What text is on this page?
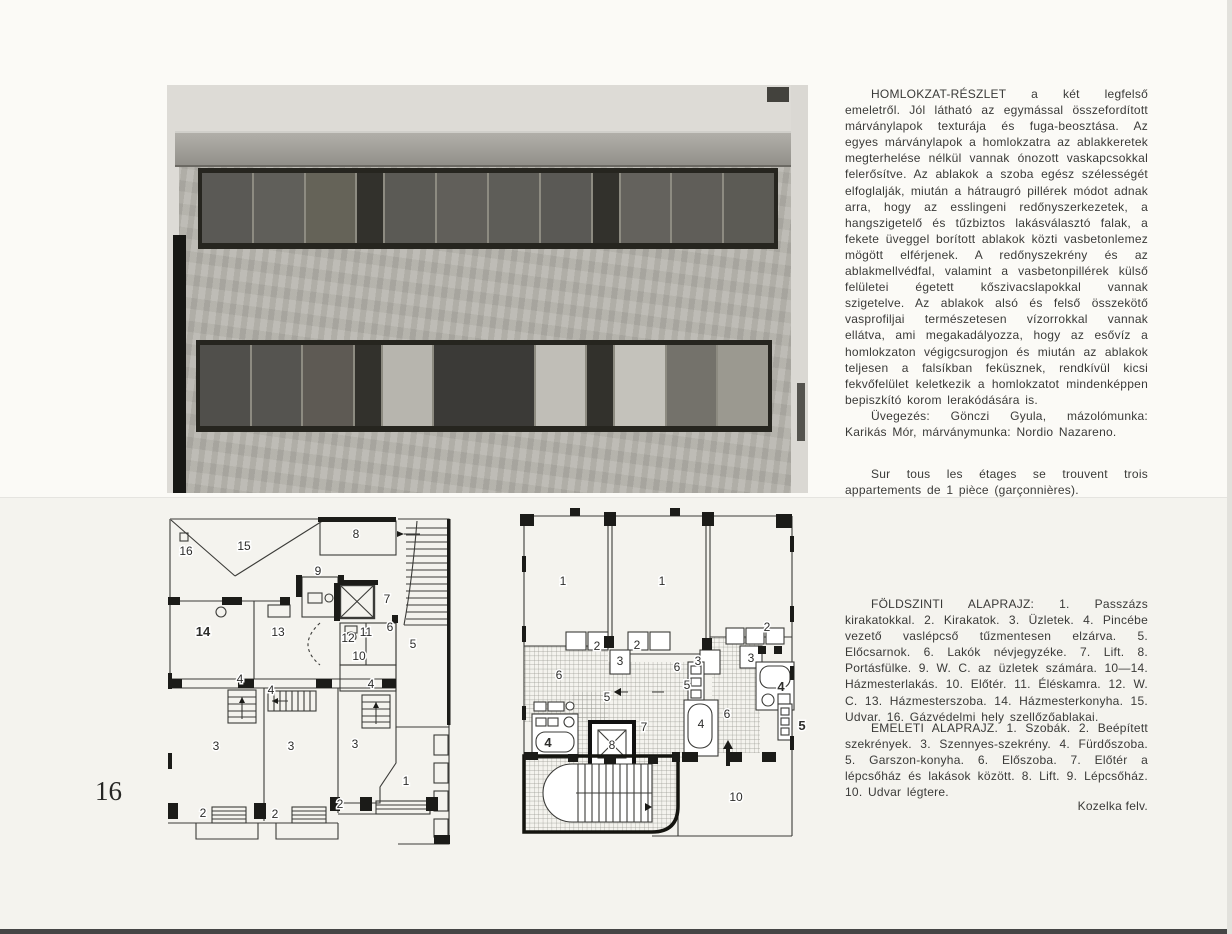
16	15
8
9
7
14	13	12 11 6
5
10
4
4	4
3	3	3
1
2	2
2
1	1
2
2	2
3	3	3
6
6
6
5
5
5
4
4
4
7
8
10

HOMLOKZAT-RÉSZLET a két legfelső emeletről. Jól látható az egymással összefordított márványlapok texturája és fuga-beosztása. Az egyes márványlapok a homlokzatra az ablakkeretek megterhelése nélkül vannak ónozott vaskapcsokkal felerősítve. Az ablakok a szoba egész szélességét elfoglalják, miután a hátraugró pillérek módot adnak arra, hogy az esslingeni redőnyszerkezetek, a hangszigetelő és tűzbiztos lakásválasztó falak, a fekete üveggel borított ablakok közti vasbetonlemez mögött elférjenek. A redőnyszekrény és az ablakmellvédfal, valamint a vasbetonpillérek külső felületei égetett kőszivacslapokkal vannak szigetelve. Az ablakok alsó és felső összekötő vasprofiljai természetesen vízorrokkal vannak ellátva, ami megakadályozza, hogy az esővíz a homlokzaton végigcsurogjon és miután az ablakok teljesen a falsíkban feküsznek, rendkívül kicsi fekvőfelület keletkezik a homlokzatot mindenképpen bepiszkító korom lerakódására is.

Üvegezés: Gönczi Gyula, mázolómunka: Karikás Mór, márványmunka: Nordio Nazareno.

Sur tous les étages se trouvent trois appartements de 1 pièce (garçonnières).

FÖLDSZINTI ALAPRAJZ: 1. Passzázs kirakatokkal. 2. Kirakatok. 3. Üzletek. 4. Pincébe vezető vaslépcső tűzmentesen elzárva. 5. Előcsarnok. 6. Lakók névjegyzéke. 7. Lift. 8. Portásfülke. 9. W. C. az üzletek számára. 10—14. Házmesterlakás. 10. Előtér. 11. Éléskamra. 12. W. C. 13. Házmesterszoba. 14. Házmesterkonyha. 15. Udvar. 16. Gázvédelmi hely szellőzőablakai.

EMELETI ALAPRAJZ. 1. Szobák. 2. Beépített szekrények. 3. Szennyes-szekrény. 4. Fürdőszoba. 5. Garszon-konyha. 6. Előszoba. 7. Előtér a lépcsőház és lakások között. 8. Lift. 9. Lépcsőház. 10. Udvar légtere.

Kozelka felv.
16
